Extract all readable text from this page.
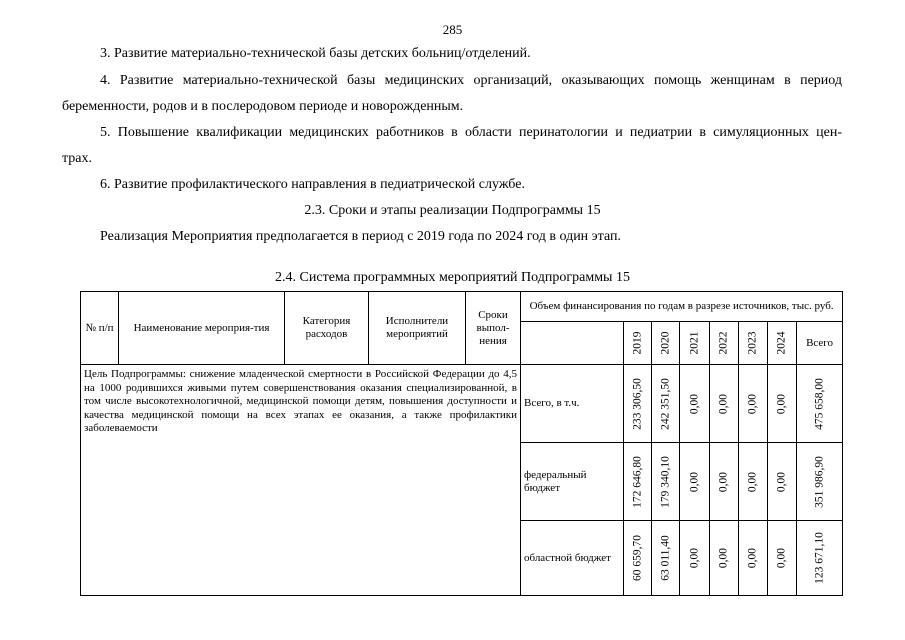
285
3. Развитие материально-технической базы детских больниц/отделений.
4. Развитие материально-технической базы медицинских организаций, оказывающих помощь женщинам в период
беременности, родов и в послеродовом периоде и новорожденным.
5. Повышение квалификации медицинских работников в области перинатологии и педиатрии в симуляционных цен-
трах.
6. Развитие профилактического направления в педиатрической службе.
2.3. Сроки и этапы реализации Подпрограммы 15
Реализация Мероприятия предполагается в период с 2019 года по 2024 год в один этап.
2.4. Система программных мероприятий Подпрограммы 15
№ п/п	Наименование мероприя-тия	Категория расходов	Исполнители мероприятий	Сроки выпол-нения	Объем финансирования по годам в разрезе источников, тыс. руб.							

						2019	2020	2021	2022	2023	2024	Всего
Цель Подпрограммы: снижение младенческой смертности в Российской Федерации до 4,5 на 1000 родившихся живыми путем совершенствования оказания специализированной, в том числе высокотехнологичной, медицинской помощи детям, повышения доступности и качества медицинской помощи на всех этапах ее оказания, а также профилактики заболеваемости					Всего, в т.ч.	233 306,50	242 351,50	0,00	0,00	0,00	0,00	475 658,00

					федеральный бюджет	172 646,80	179 340,10	0,00	0,00	0,00	0,00	351 986,90

					областной бюджет	60 659,70	63 011,40	0,00	0,00	0,00	0,00	123 671,10
